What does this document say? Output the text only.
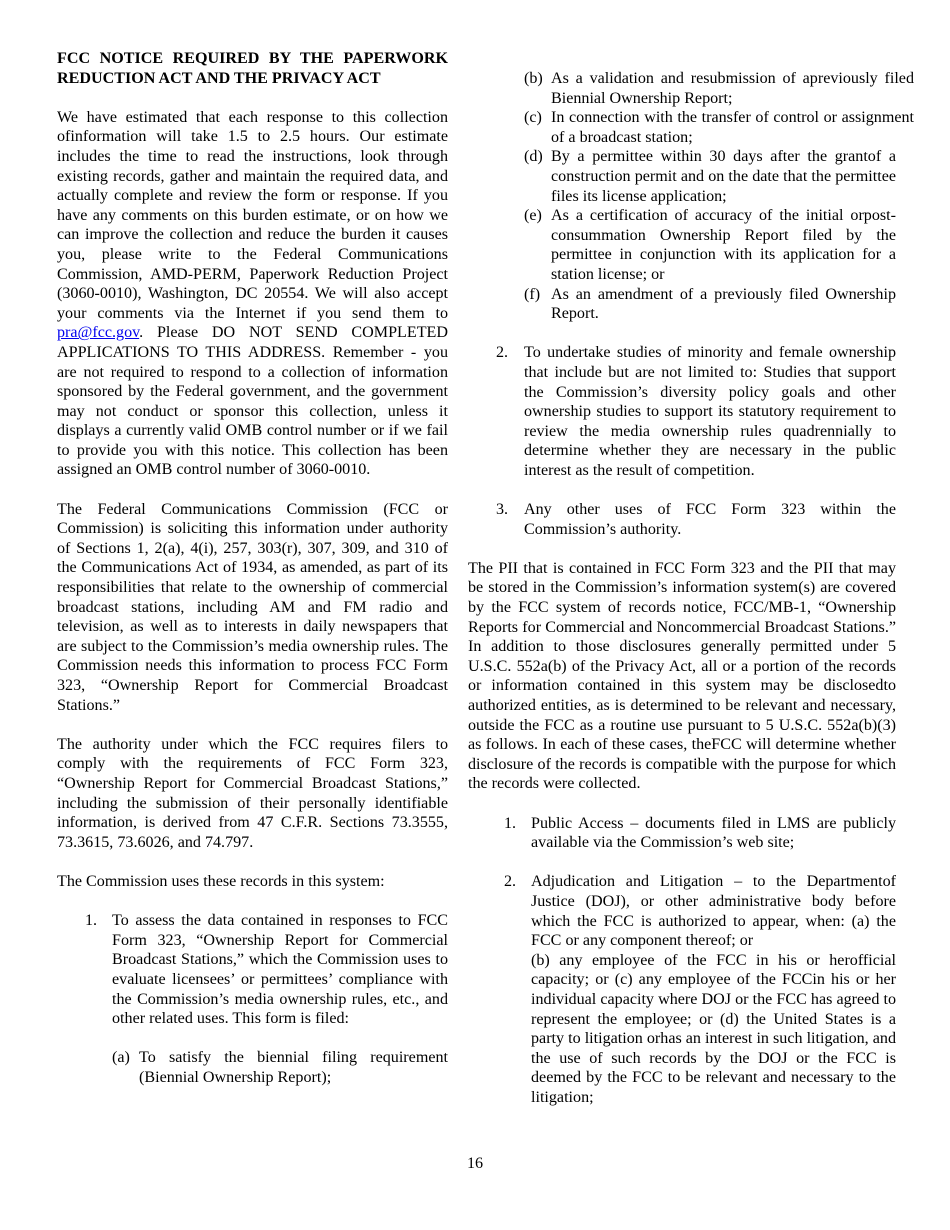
FCC NOTICE REQUIRED BY THE PAPERWORK REDUCTION ACT AND THE PRIVACY ACT

We have estimated that each response to this collection ofinformation will take 1.5 to 2.5 hours. Our estimate includes the time to read the instructions, look through existing records, gather and maintain the required data, and actually complete and review the form or response. If you have any comments on this burden estimate, or on how we can improve the collection and reduce the burden it causes you, please write to the Federal Communications Commission, AMD-PERM, Paperwork Reduction Project (3060-0010), Washington, DC 20554. We will also accept your comments via the Internet if you send them to pra@fcc.gov. Please DO NOT SEND COMPLETED APPLICATIONS TO THIS ADDRESS. Remember - you are not required to respond to a collection of information sponsored by the Federal government, and the government may not conduct or sponsor this collection, unless it displays a currently valid OMB control number or if we fail to provide you with this notice. This collection has been assigned an OMB control number of 3060-0010.

The Federal Communications Commission (FCC or Commission) is soliciting this information under authority of Sections 1, 2(a), 4(i), 257, 303(r), 307, 309, and 310 of the Communications Act of 1934, as amended, as part of its responsibilities that relate to the ownership of commercial broadcast stations, including AM and FM radio and television, as well as to interests in daily newspapers that are subject to the Commission’s media ownership rules. The Commission needs this information to process FCC Form 323, “Ownership Report for Commercial Broadcast Stations.”

The authority under which the FCC requires filers to comply with the requirements of FCC Form 323, “Ownership Report for Commercial Broadcast Stations,” including the submission of their personally identifiable information, is derived from 47 C.F.R. Sections 73.3555, 73.3615, 73.6026, and 74.797.

The Commission uses these records in this system:

1. To assess the data contained in responses to FCC Form 323, “Ownership Report for Commercial Broadcast Stations,” which the Commission uses to evaluate licensees’ or permittees’ compliance with the Commission’s media ownership rules, etc., and other related uses. This form is filed:
(a) To satisfy the biennial filing requirement (Biennial Ownership Report);
(b) As a validation and resubmission of apreviously filed Biennial Ownership Report;
(c) In connection with the transfer of control or assignment of a broadcast station;
(d) By a permittee within 30 days after the grantof a construction permit and on the date that the permittee files its license application;
(e) As a certification of accuracy of the initial orpost-consummation Ownership Report filed by the permittee in conjunction with its application for a station license; or
(f) As an amendment of a previously filed Ownership Report.
2. To undertake studies of minority and female ownership that include but are not limited to: Studies that support the Commission’s diversity policy goals and other ownership studies to support its statutory requirement to review the media ownership rules quadrennially to determine whether they are necessary in the public interest as the result of competition.
3. Any other uses of FCC Form 323 within the Commission’s authority.

The PII that is contained in FCC Form 323 and the PII that may be stored in the Commission’s information system(s) are covered by the FCC system of records notice, FCC/MB-1, “Ownership Reports for Commercial and Noncommercial Broadcast Stations.” In addition to those disclosures generally permitted under 5 U.S.C. 552a(b) of the Privacy Act, all or a portion of the records or information contained in this system may be disclosedto authorized entities, as is determined to be relevant and necessary, outside the FCC as a routine use pursuant to 5 U.S.C. 552a(b)(3) as follows. In each of these cases, theFCC will determine whether disclosure of the records is compatible with the purpose for which the records were collected.

1. Public Access – documents filed in LMS are publicly available via the Commission’s web site;
2. Adjudication and Litigation – to the Departmentof Justice (DOJ), or other administrative body before which the FCC is authorized to appear, when: (a) the FCC or any component thereof; or

(b) any employee of the FCC in his or herofficial capacity; or (c) any employee of the FCCin his or her individual capacity where DOJ or the FCC has agreed to represent the employee; or (d) the United States is a party to litigation orhas an interest in such litigation, and the use of such records by the DOJ or the FCC is deemed by the FCC to be relevant and necessary to the litigation;

16
